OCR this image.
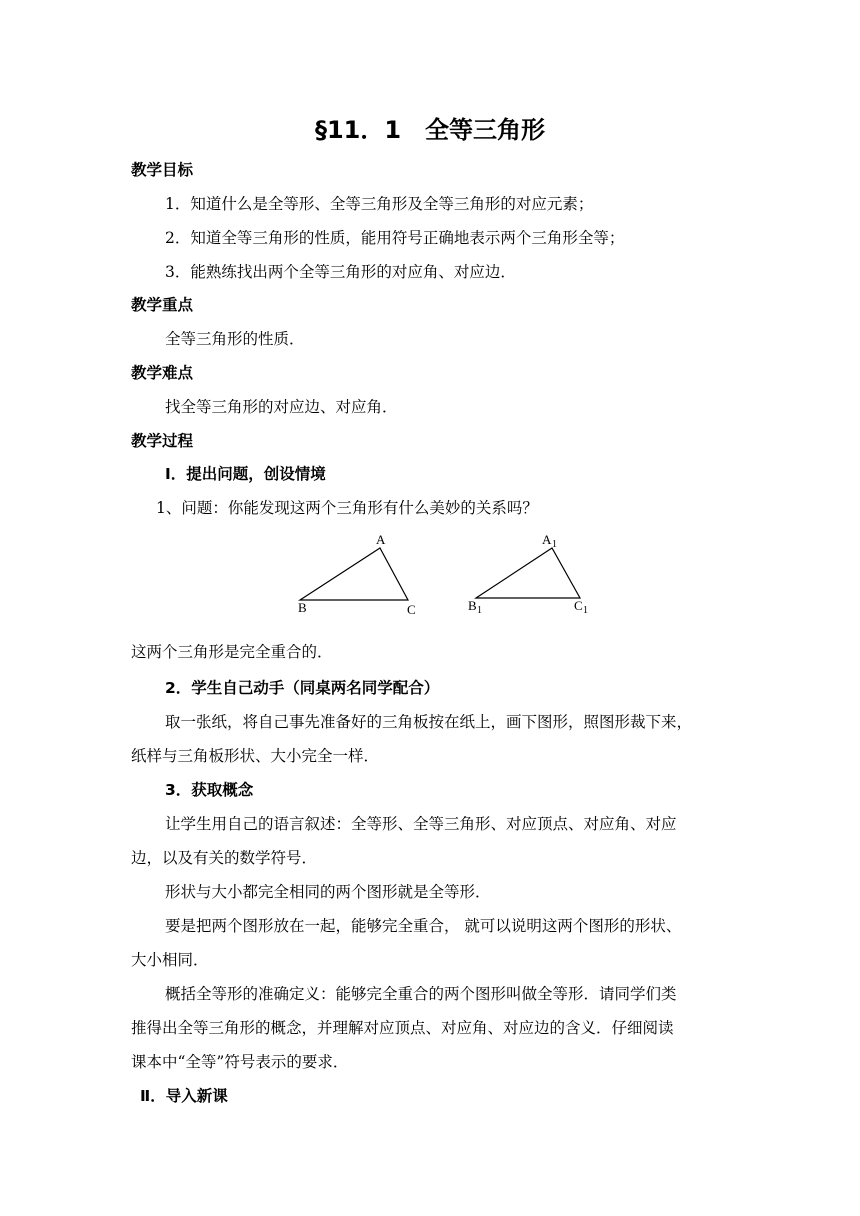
§11．1　全等三角形
教学目标
1．知道什么是全等形、全等三角形及全等三角形的对应元素；
2．知道全等三角形的性质，能用符号正确地表示两个三角形全等；
3．能熟练找出两个全等三角形的对应角、对应边．
教学重点
全等三角形的性质．
教学难点
找全等三角形的对应边、对应角．
教学过程
Ⅰ．提出问题，创设情境
1、问题：你能发现这两个三角形有什么美妙的关系吗？
A
B	C
A 1
B 1	C 1
这两个三角形是完全重合的．
2．学生自己动手（同桌两名同学配合）
取一张纸，将自己事先准备好的三角板按在纸上，画下图形，照图形裁下来，
纸样与三角板形状、大小完全一样．
3．获取概念
让学生用自己的语言叙述：全等形、全等三角形、对应顶点、对应角、对应
边，以及有关的数学符号．
形状与大小都完全相同的两个图形就是全等形．
要是把两个图形放在一起，能够完全重合， 就可以说明这两个图形的形状、
大小相同．
概括全等形的准确定义：能够完全重合的两个图形叫做全等形．请同学们类
推得出全等三角形的概念，并理解对应顶点、对应角、对应边的含义．仔细阅读
课本中“全等”符号表示的要求．
Ⅱ．导入新课
